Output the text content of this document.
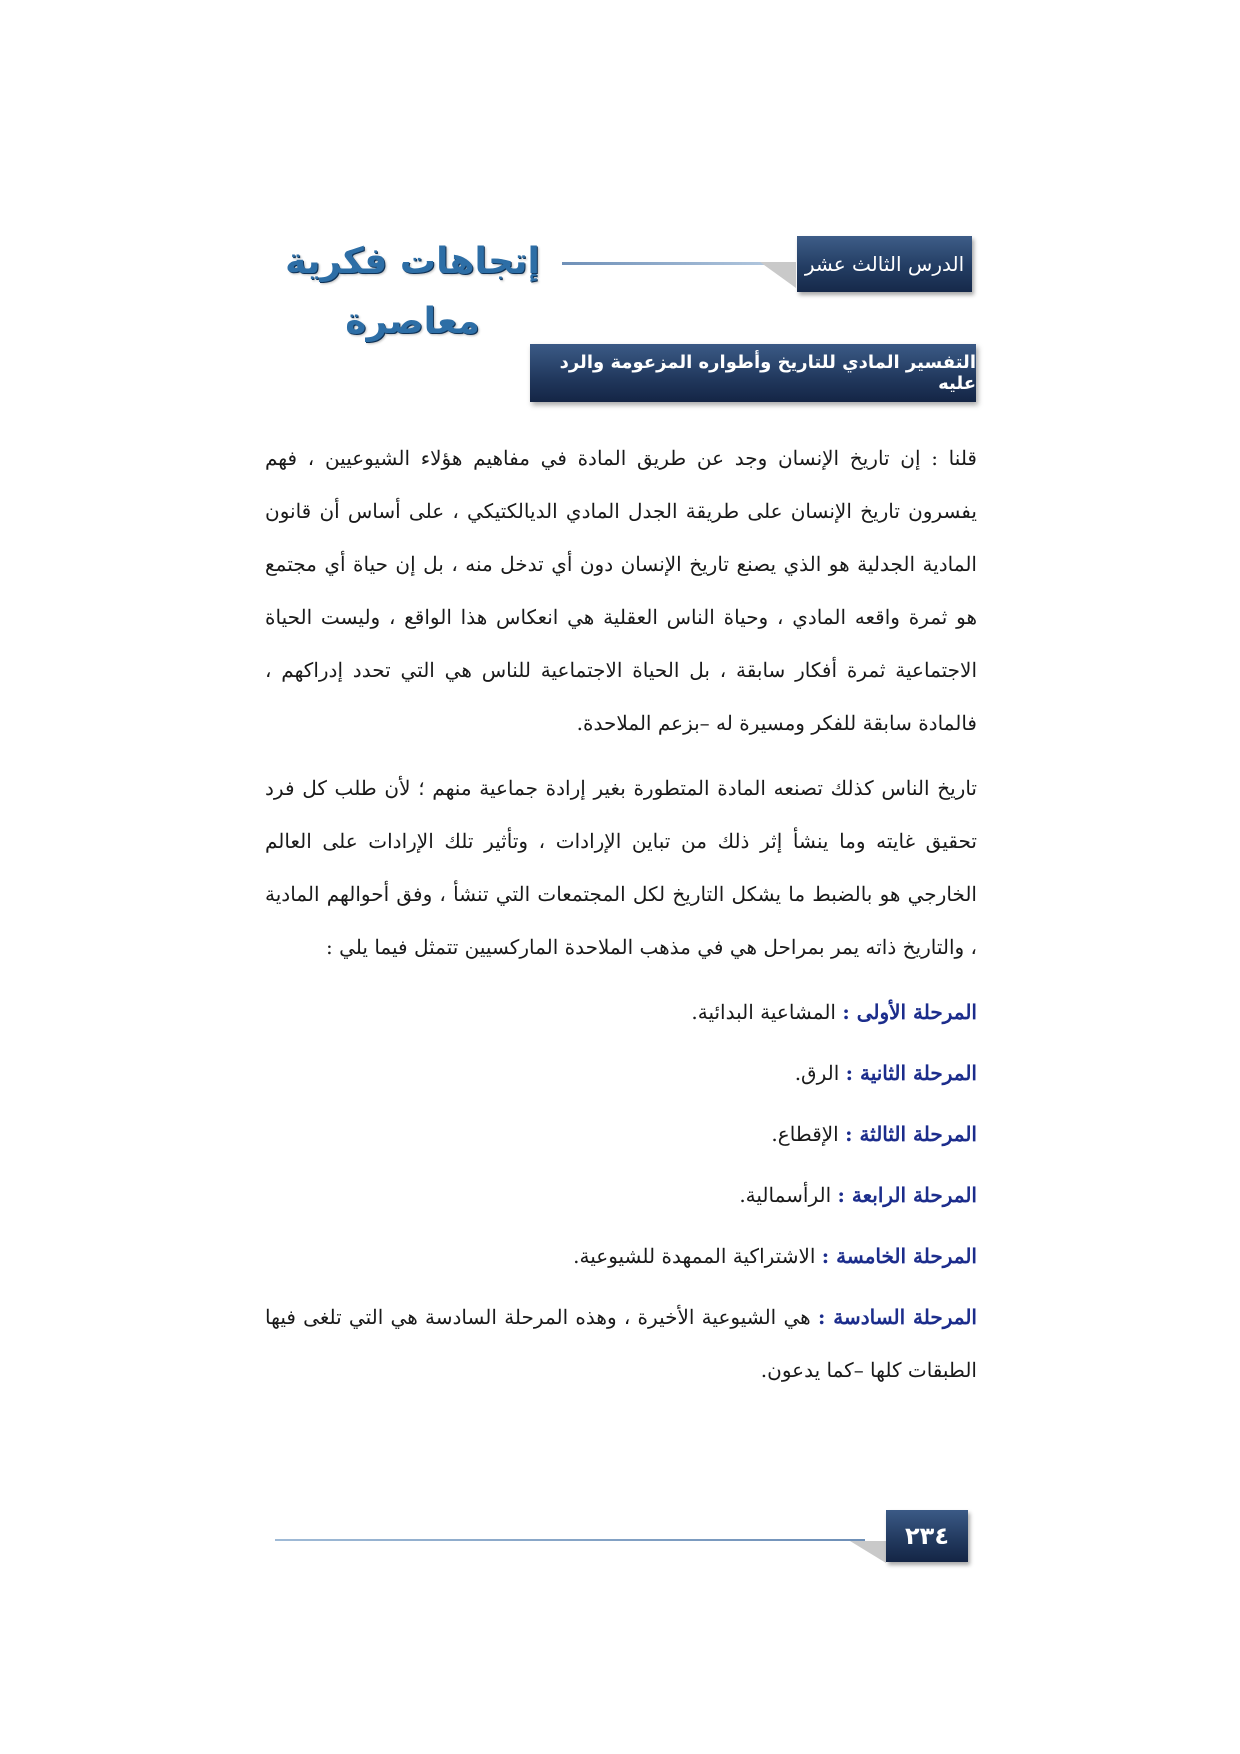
الدرس الثالث عشر
إتجاهات فكرية معاصرة
التفسير المادي للتاريخ وأطواره المزعومة والرد عليه

قلنا : إن تاريخ الإنسان وجد عن طريق المادة في مفاهيم هؤلاء الشيوعيين ، فهم يفسرون تاريخ الإنسان على طريقة الجدل المادي الديالكتيكي ، على أساس أن قانون المادية الجدلية هو الذي يصنع تاريخ الإنسان دون أي تدخل منه ، بل إن حياة أي مجتمع هو ثمرة واقعه المادي ، وحياة الناس العقلية هي انعكاس هذا الواقع ، وليست الحياة الاجتماعية ثمرة أفكار سابقة ، بل الحياة الاجتماعية للناس هي التي تحدد إدراكهم ، فالمادة سابقة للفكر ومسيرة له –بزعم الملاحدة.

تاريخ الناس كذلك تصنعه المادة المتطورة بغير إرادة جماعية منهم ؛ لأن طلب كل فرد تحقيق غايته وما ينشأ إثر ذلك من تباين الإرادات ، وتأثير تلك الإرادات على العالم الخارجي هو بالضبط ما يشكل التاريخ لكل المجتمعات التي تنشأ ، وفق أحوالهم المادية ، والتاريخ ذاته يمر بمراحل هي في مذهب الملاحدة الماركسيين تتمثل فيما يلي :

المرحلة الأولى : المشاعية البدائية.

المرحلة الثانية : الرق.

المرحلة الثالثة : الإقطاع.

المرحلة الرابعة : الرأسمالية.

المرحلة الخامسة : الاشتراكية الممهدة للشيوعية.

المرحلة السادسة : هي الشيوعية الأخيرة ، وهذه المرحلة السادسة هي التي تلغى فيها الطبقات كلها –كما يدعون.

٢٣٤
